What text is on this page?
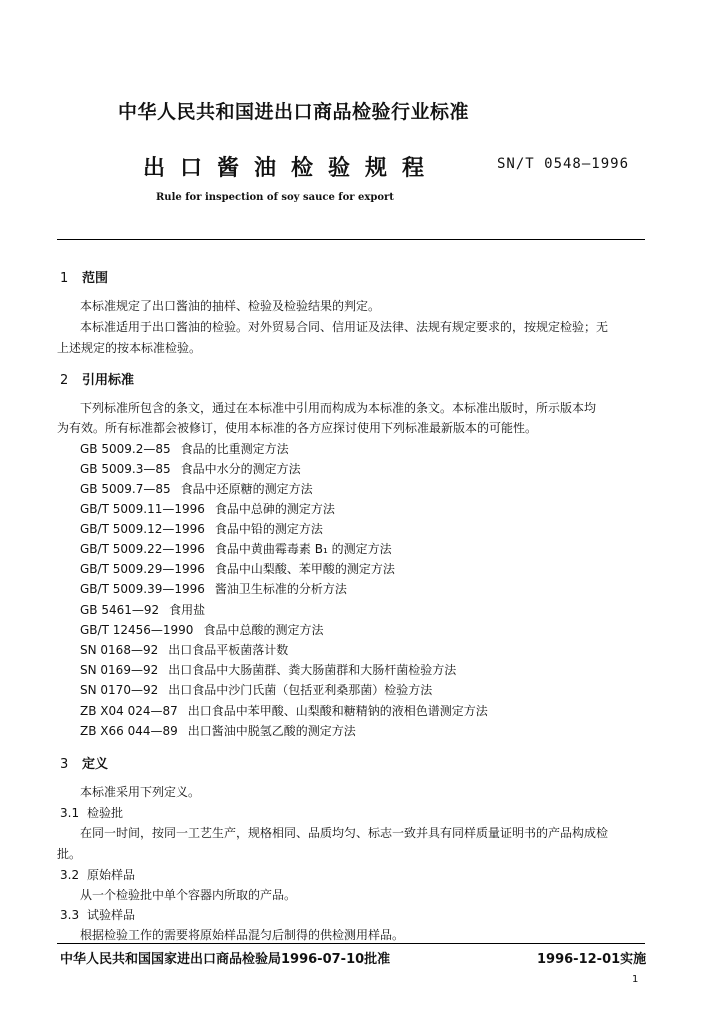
中华人民共和国进出口商品检验行业标准
出口酱油检验规程	SN/T 0548—1996
Rule for inspection of soy sauce for export
1 范围
本标准规定了出口酱油的抽样、检验及检验结果的判定。
本标准适用于出口酱油的检验。对外贸易合同、信用证及法律、法规有规定要求的，按规定检验；无
上述规定的按本标准检验。
2 引用标准
下列标准所包含的条文，通过在本标准中引用而构成为本标准的条文。本标准出版时，所示版本均
为有效。所有标准都会被修订，使用本标准的各方应探讨使用下列标准最新版本的可能性。
GB 5009.2—85 食品的比重测定方法
GB 5009.3—85 食品中水分的测定方法
GB 5009.7—85 食品中还原糖的测定方法
GB/T 5009.11—1996 食品中总砷的测定方法
GB/T 5009.12—1996 食品中铅的测定方法
GB/T 5009.22—1996 食品中黄曲霉毒素 B₁ 的测定方法
GB/T 5009.29—1996 食品中山梨酸、苯甲酸的测定方法
GB/T 5009.39—1996 酱油卫生标准的分析方法
GB 5461—92 食用盐
GB/T 12456—1990 食品中总酸的测定方法
SN 0168—92 出口食品平板菌落计数
SN 0169—92 出口食品中大肠菌群、粪大肠菌群和大肠杆菌检验方法
SN 0170—92 出口食品中沙门氏菌（包括亚利桑那菌）检验方法
ZB X04 024—87 出口食品中苯甲酸、山梨酸和糖精钠的液相色谱测定方法
ZB X66 044—89 出口酱油中脱氢乙酸的测定方法
3 定义
本标准采用下列定义。
3.1 检验批
在同一时间，按同一工艺生产，规格相同、品质均匀、标志一致并具有同样质量证明书的产品构成检
批。
3.2 原始样品
从一个检验批中单个容器内所取的产品。
3.3 试验样品
根据检验工作的需要将原始样品混匀后制得的供检测用样品。
中华人民共和国国家进出口商品检验局1996-07-10批准	1996-12-01实施
1
